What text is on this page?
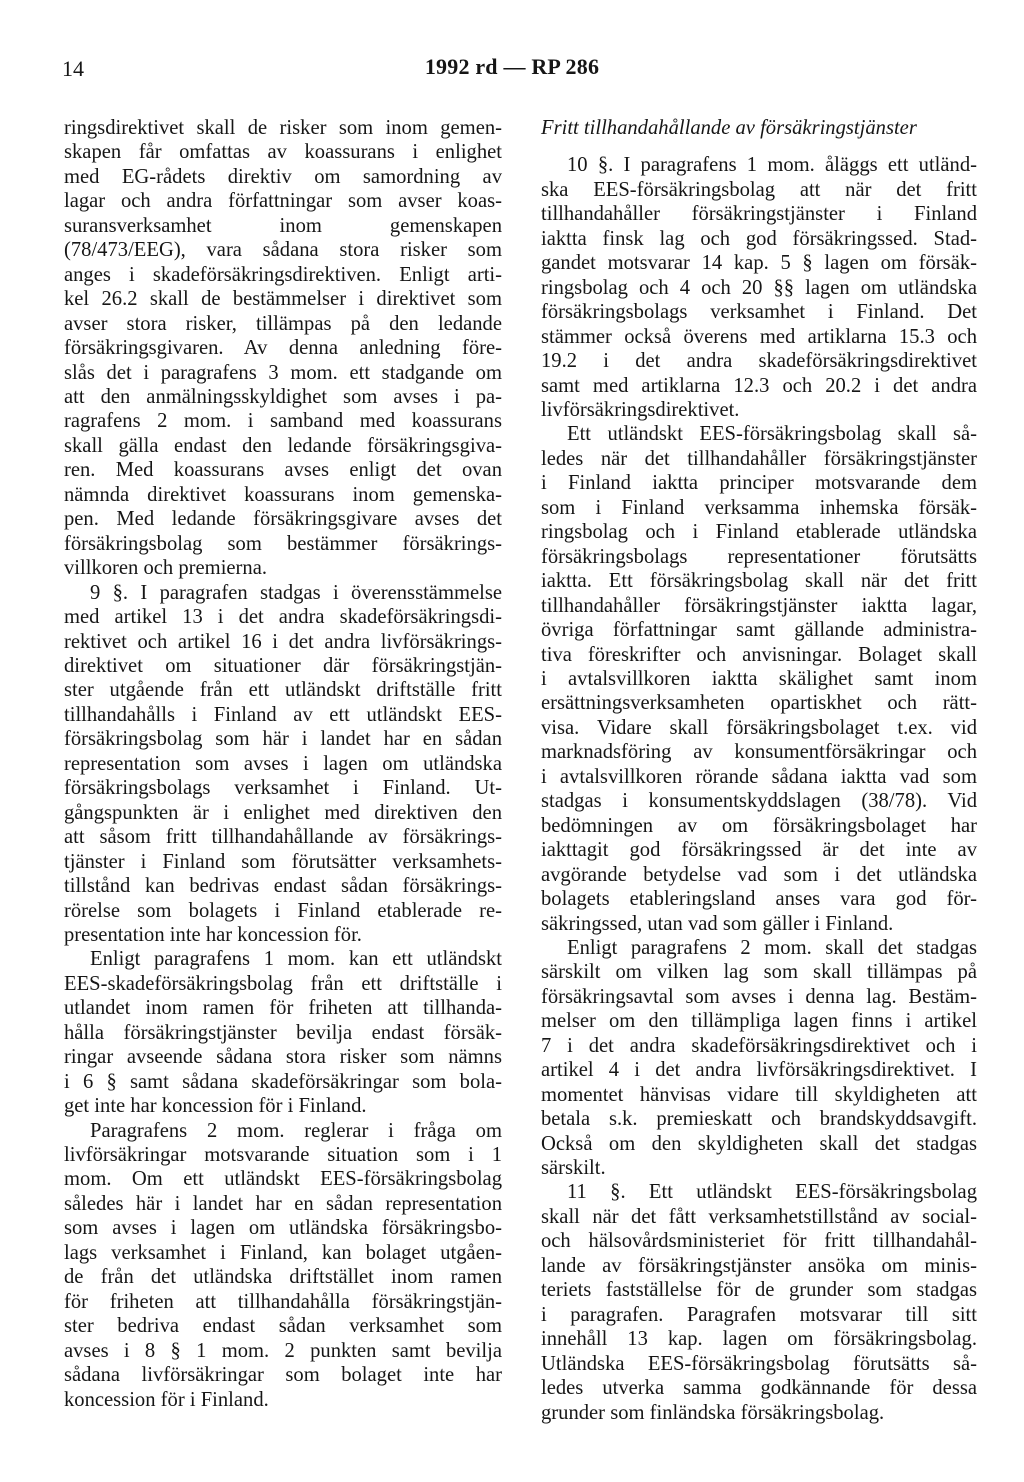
14	1992 rd — RP 286
ringsdirektivet skall de risker som inom gemen-
skapen får omfattas av koassurans i enlighet
med EG-rådets direktiv om samordning av
lagar och andra författningar som avser koas-
suransverksamhet inom gemenskapen
(78/473/EEG), vara sådana stora risker som
anges i skadeförsäkringsdirektiven. Enligt arti-
kel 26.2 skall de bestämmelser i direktivet som
avser stora risker, tillämpas på den ledande
försäkringsgivaren. Av denna anledning före-
slås det i paragrafens 3 mom. ett stadgande om
att den anmälningsskyldighet som avses i pa-
ragrafens 2 mom. i samband med koassurans
skall gälla endast den ledande försäkringsgiva-
ren. Med koassurans avses enligt det ovan
nämnda direktivet koassurans inom gemenska-
pen. Med ledande försäkringsgivare avses det
försäkringsbolag som bestämmer försäkrings-
villkoren och premierna.
9 §. I paragrafen stadgas i överensstämmelse
med artikel 13 i det andra skadeförsäkringsdi-
rektivet och artikel 16 i det andra livförsäkrings-
direktivet om situationer där försäkringstjän-
ster utgående från ett utländskt driftställe fritt
tillhandahålls i Finland av ett utländskt EES-
försäkringsbolag som här i landet har en sådan
representation som avses i lagen om utländska
försäkringsbolags verksamhet i Finland. Ut-
gångspunkten är i enlighet med direktiven den
att såsom fritt tillhandahållande av försäkrings-
tjänster i Finland som förutsätter verksamhets-
tillstånd kan bedrivas endast sådan försäkrings-
rörelse som bolagets i Finland etablerade re-
presentation inte har koncession för.
Enligt paragrafens 1 mom. kan ett utländskt
EES-skadeförsäkringsbolag från ett driftställe i
utlandet inom ramen för friheten att tillhanda-
hålla försäkringstjänster bevilja endast försäk-
ringar avseende sådana stora risker som nämns
i 6 § samt sådana skadeförsäkringar som bola-
get inte har koncession för i Finland.
Paragrafens 2 mom. reglerar i fråga om
livförsäkringar motsvarande situation som i 1
mom. Om ett utländskt EES-försäkringsbolag
således här i landet har en sådan representation
som avses i lagen om utländska försäkringsbo-
lags verksamhet i Finland, kan bolaget utgåen-
de från det utländska driftstället inom ramen
för friheten att tillhandahålla försäkringstjän-
ster bedriva endast sådan verksamhet som
avses i 8 § 1 mom. 2 punkten samt bevilja
sådana livförsäkringar som bolaget inte har
koncession för i Finland.
Fritt tillhandahållande av försäkringstjänster
10 §. I paragrafens 1 mom. åläggs ett utländ-
ska EES-försäkringsbolag att när det fritt
tillhandahåller försäkringstjänster i Finland
iaktta finsk lag och god försäkringssed. Stad-
gandet motsvarar 14 kap. 5 § lagen om försäk-
ringsbolag och 4 och 20 §§ lagen om utländska
försäkringsbolags verksamhet i Finland. Det
stämmer också överens med artiklarna 15.3 och
19.2 i det andra skadeförsäkringsdirektivet
samt med artiklarna 12.3 och 20.2 i det andra
livförsäkringsdirektivet.
Ett utländskt EES-försäkringsbolag skall så-
ledes när det tillhandahåller försäkringstjänster
i Finland iaktta principer motsvarande dem
som i Finland verksamma inhemska försäk-
ringsbolag och i Finland etablerade utländska
försäkringsbolags representationer förutsätts
iaktta. Ett försäkringsbolag skall när det fritt
tillhandahåller försäkringstjänster iaktta lagar,
övriga författningar samt gällande administra-
tiva föreskrifter och anvisningar. Bolaget skall
i avtalsvillkoren iaktta skälighet samt inom
ersättningsverksamheten opartiskhet och rätt-
visa. Vidare skall försäkringsbolaget t.ex. vid
marknadsföring av konsumentförsäkringar och
i avtalsvillkoren rörande sådana iaktta vad som
stadgas i konsumentskyddslagen (38/78). Vid
bedömningen av om försäkringsbolaget har
iakttagit god försäkringssed är det inte av
avgörande betydelse vad som i det utländska
bolagets etableringsland anses vara god för-
säkringssed, utan vad som gäller i Finland.
Enligt paragrafens 2 mom. skall det stadgas
särskilt om vilken lag som skall tillämpas på
försäkringsavtal som avses i denna lag. Bestäm-
melser om den tillämpliga lagen finns i artikel
7 i det andra skadeförsäkringsdirektivet och i
artikel 4 i det andra livförsäkringsdirektivet. I
momentet hänvisas vidare till skyldigheten att
betala s.k. premieskatt och brandskyddsavgift.
Också om den skyldigheten skall det stadgas
särskilt.
11 §. Ett utländskt EES-försäkringsbolag
skall när det fått verksamhetstillstånd av social-
och hälsovårdsministeriet för fritt tillhandahål-
lande av försäkringstjänster ansöka om minis-
teriets fastställelse för de grunder som stadgas
i paragrafen. Paragrafen motsvarar till sitt
innehåll 13 kap. lagen om försäkringsbolag.
Utländska EES-försäkringsbolag förutsätts så-
ledes utverka samma godkännande för dessa
grunder som finländska försäkringsbolag.
